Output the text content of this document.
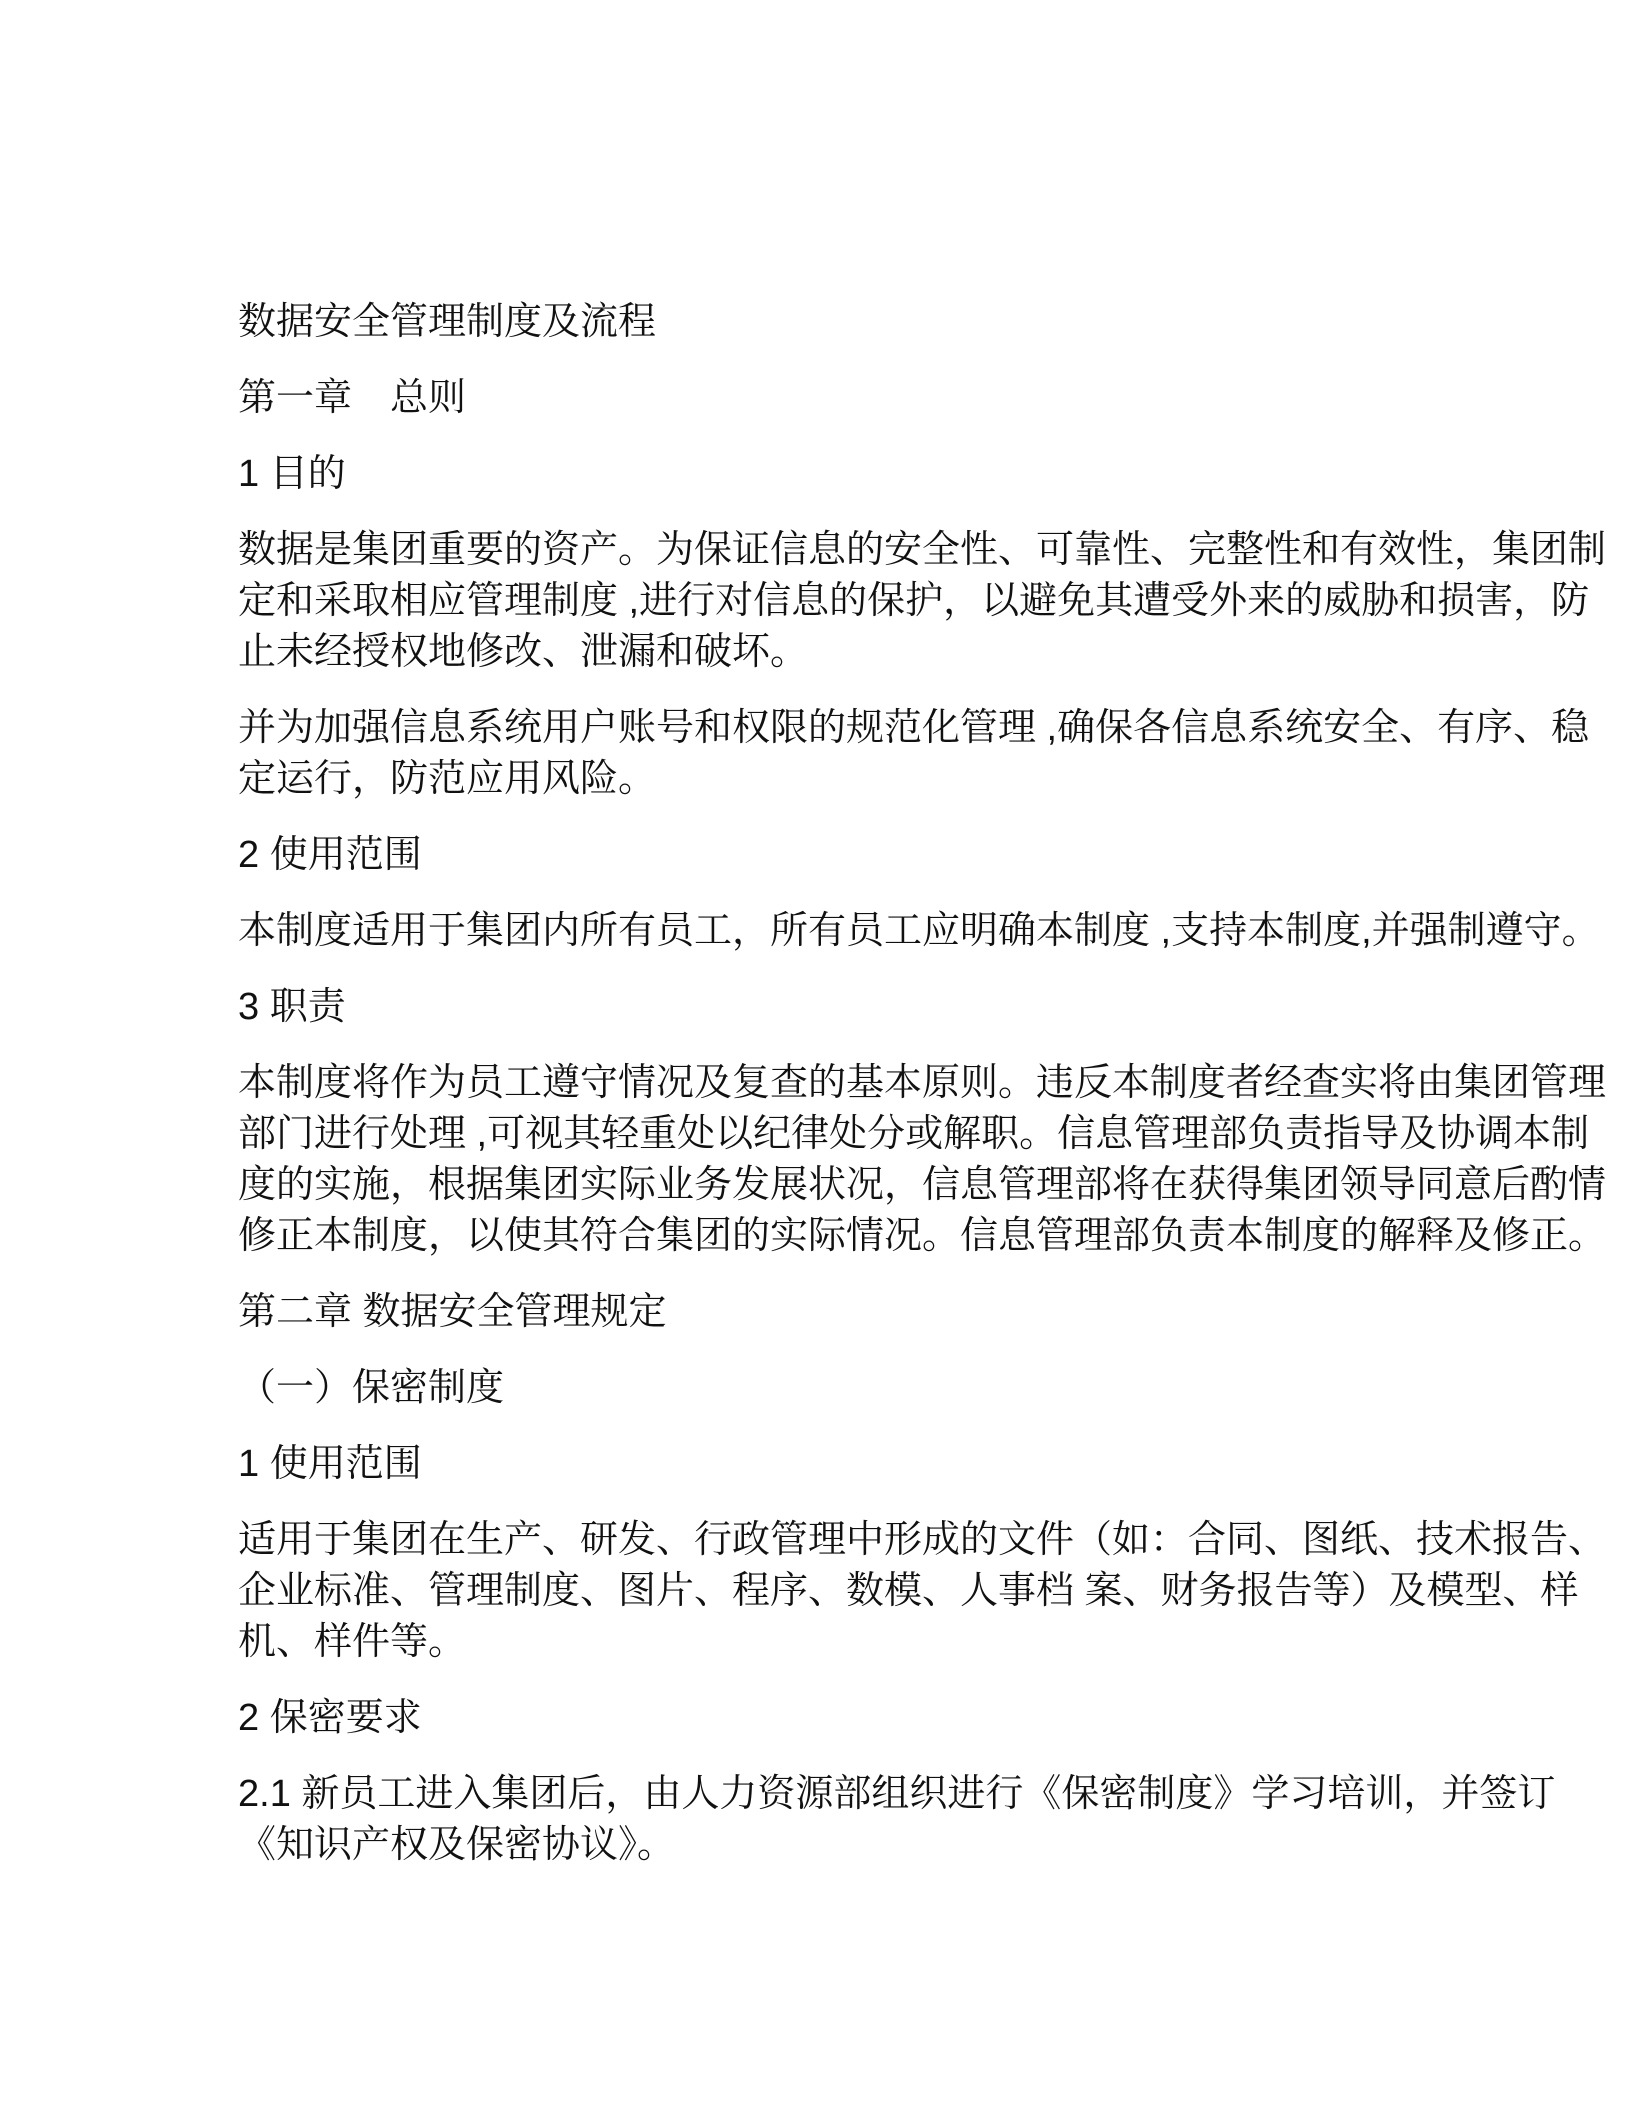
数据安全管理制度及流程

第一章　总则

1 目的

数据是集团重要的资产。为保证信息的安全性、可靠性、完整性和有效性，集团制
定和采取相应管理制度 ,进行对信息的保护，以避免其遭受外来的威胁和损害，防
止未经授权地修改、泄漏和破坏。

并为加强信息系统用户账号和权限的规范化管理 ,确保各信息系统安全、有序、稳
定运行，防范应用风险。

2 使用范围

本制度适用于集团内所有员工，所有员工应明确本制度 ,支持本制度,并强制遵守。

3 职责

本制度将作为员工遵守情况及复查的基本原则。违反本制度者经查实将由集团管理
部门进行处理 ,可视其轻重处以纪律处分或解职。信息管理部负责指导及协调本制
度的实施，根据集团实际业务发展状况，信息管理部将在获得集团领导同意后酌情
修正本制度，以使其符合集团的实际情况。信息管理部负责本制度的解释及修正。

第二章 数据安全管理规定

（一）保密制度

1 使用范围

适用于集团在生产、研发、行政管理中形成的文件（如：合同、图纸、技术报告、
企业标准、管理制度、图片、程序、数模、人事档 案、财务报告等）及模型、样
机、样件等。

2 保密要求

2.1 新员工进入集团后，由人力资源部组织进行《保密制度》学习培训，并签订
《知识产权及保密协议》。
